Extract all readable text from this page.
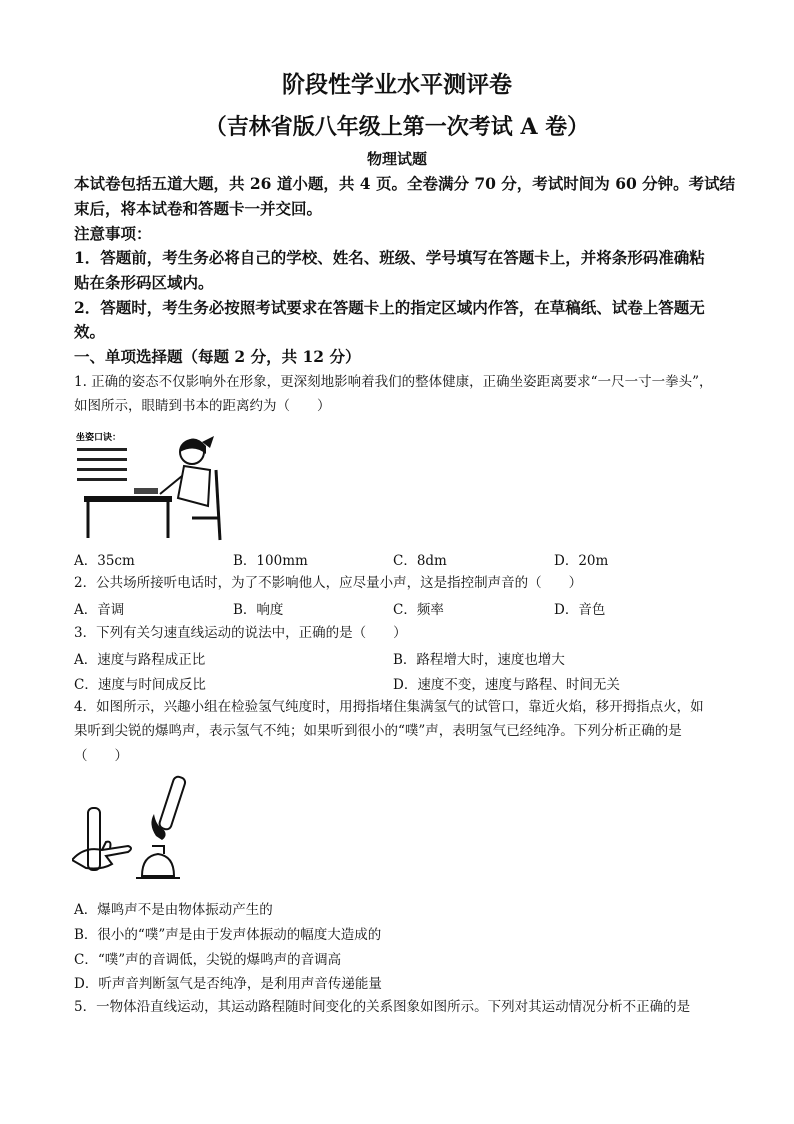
阶段性学业水平测评卷
（吉林省版八年级上第一次考试 A 卷）
物理试题
本试卷包括五道大题，共 26 道小题，共 4 页。全卷满分 70 分，考试时间为 60 分钟。考试结
束后，将本试卷和答题卡一并交回。
注意事项：
1．答题前，考生务必将自己的学校、姓名、班级、学号填写在答题卡上，并将条形码准确粘
贴在条形码区域内。
2．答题时，考生务必按照考试要求在答题卡上的指定区域内作答，在草稿纸、试卷上答题无
效。
一、单项选择题（每题 2 分，共 12 分）
1. 正确的姿态不仅影响外在形象，更深刻地影响着我们的整体健康，正确坐姿距离要求“一尺一寸一拳头”，
如图所示，眼睛到书本的距离约为（　　）
坐姿口诀：
A．35cm	B．100mm	C．8dm	D．20m
2．公共场所接听电话时，为了不影响他人，应尽量小声，这是指控制声音的（　　）
A．音调	B．响度	C．频率	D．音色
3．下列有关匀速直线运动的说法中，正确的是（　　）
A．速度与路程成正比	B．路程增大时，速度也增大
C．速度与时间成反比	D．速度不变，速度与路程、时间无关
4．如图所示，兴趣小组在检验氢气纯度时，用拇指堵住集满氢气的试管口，靠近火焰，移开拇指点火，如
果听到尖锐的爆鸣声，表示氢气不纯；如果听到很小的“噗”声，表明氢气已经纯净。下列分析正确的是
（　　）
A．爆鸣声不是由物体振动产生的
B．很小的“噗”声是由于发声体振动的幅度大造成的
C．“噗”声的音调低，尖锐的爆鸣声的音调高
D．听声音判断氢气是否纯净，是利用声音传递能量
5．一物体沿直线运动，其运动路程随时间变化的关系图象如图所示。下列对其运动情况分析不正确的是
